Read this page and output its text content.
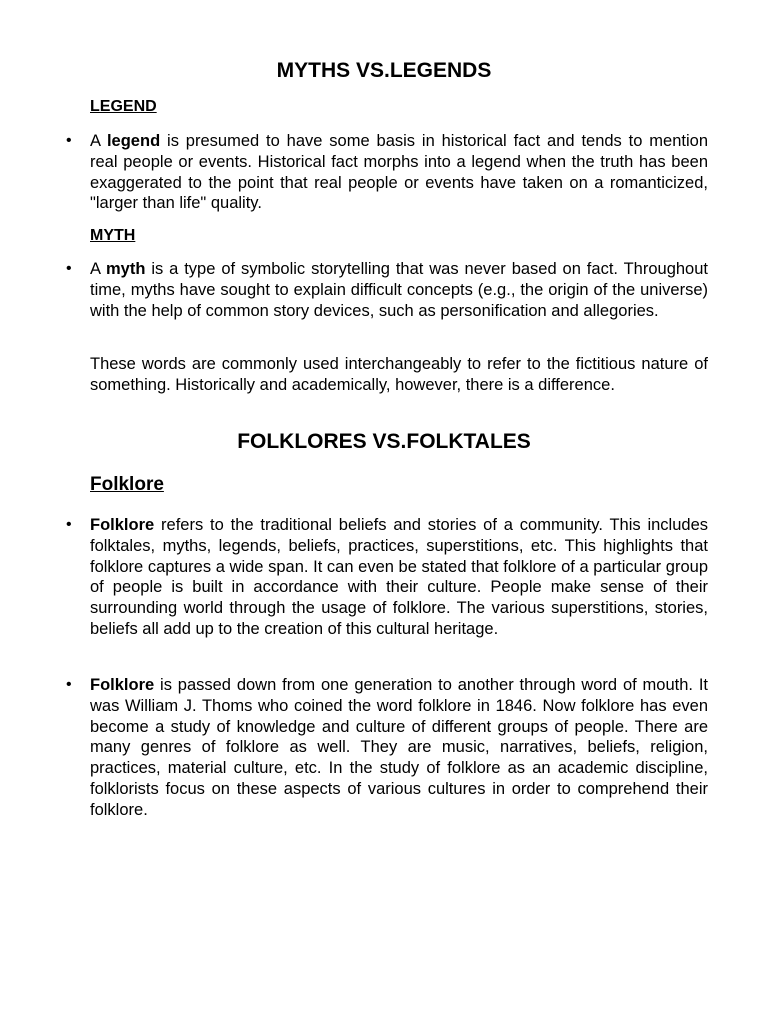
MYTHS VS.LEGENDS
LEGEND

• A legend is presumed to have some basis in historical fact and tends to mention real people or events. Historical fact morphs into a legend when the truth has been exaggerated to the point that real people or events have taken on a romanticized, "larger than life" quality.

MYTH

• A myth is a type of symbolic storytelling that was never based on fact. Throughout time, myths have sought to explain difficult concepts (e.g., the origin of the universe) with the help of common story devices, such as personification and allegories.

These words are commonly used interchangeably to refer to the fictitious nature of something. Historically and academically, however, there is a difference.

FOLKLORES VS.FOLKTALES
Folklore

• Folklore refers to the traditional beliefs and stories of a community. This includes folktales, myths, legends, beliefs, practices, superstitions, etc. This highlights that folklore captures a wide span. It can even be stated that folklore of a particular group of people is built in accordance with their culture. People make sense of their surrounding world through the usage of folklore. The various superstitions, stories, beliefs all add up to the creation of this cultural heritage.

• Folklore is passed down from one generation to another through word of mouth. It was William J. Thoms who coined the word folklore in 1846. Now folklore has even become a study of knowledge and culture of different groups of people. There are many genres of folklore as well. They are music, narratives, beliefs, religion, practices, material culture, etc. In the study of folklore as an academic discipline, folklorists focus on these aspects of various cultures in order to comprehend their folklore.
